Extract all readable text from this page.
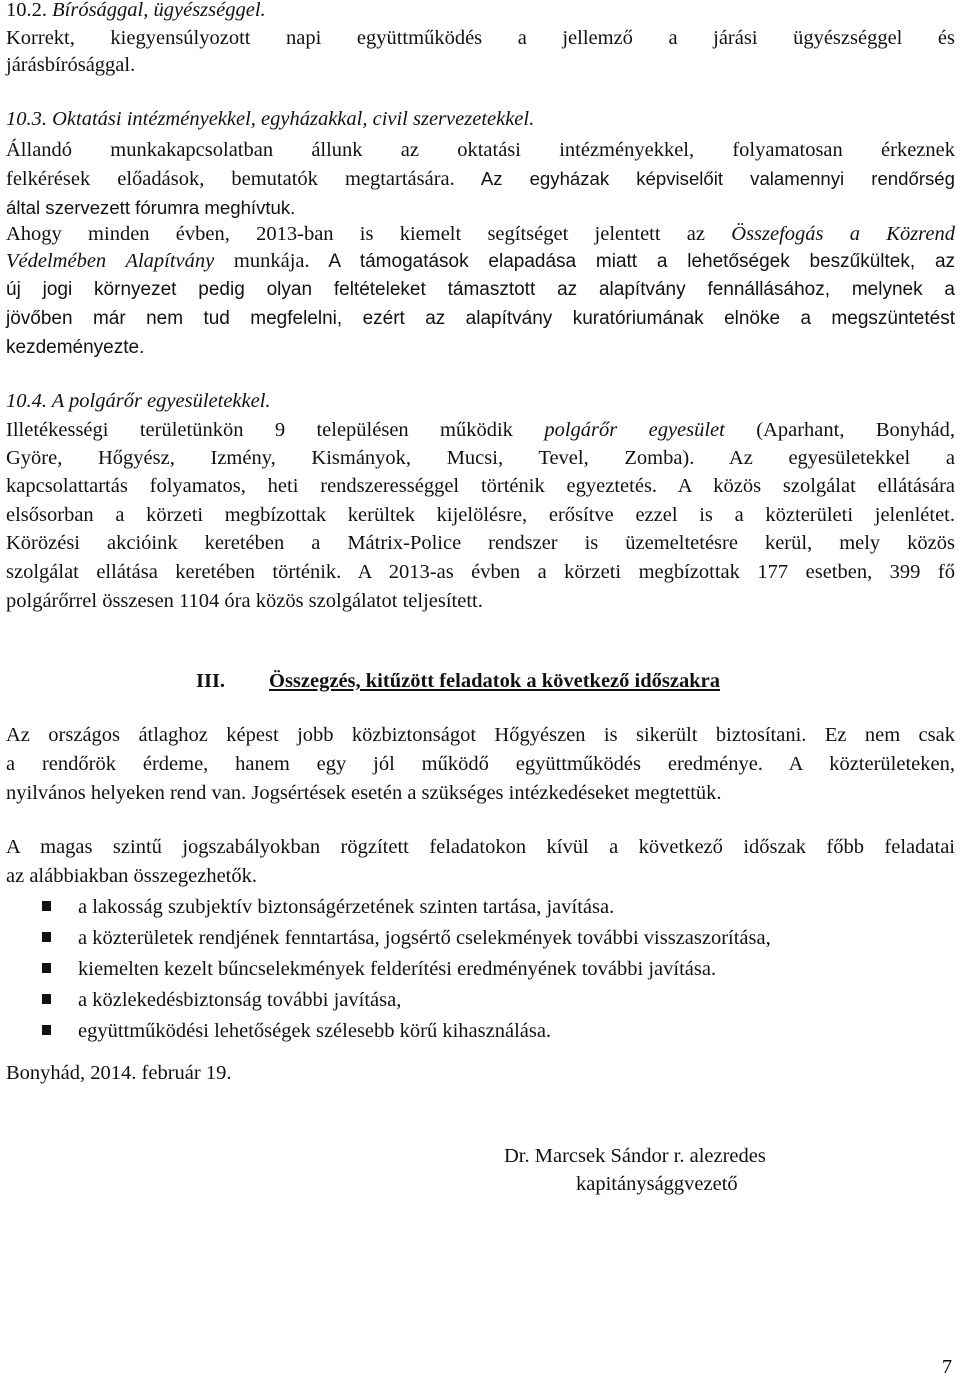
10.2. Bírósággal, ügyészséggel.
Korrekt, kiegyensúlyozott napi együttműködés a jellemző a járási ügyészséggel és
járásbírósággal.
10.3. Oktatási intézményekkel, egyházakkal, civil szervezetekkel.
Állandó munkakapcsolatban állunk az oktatási intézményekkel, folyamatosan érkeznek
felkérések előadások, bemutatók megtartására. Az egyházak képviselőit valamennyi rendőrség
által szervezett fórumra meghívtuk.
Ahogy minden évben, 2013-ban is kiemelt segítséget jelentett az Összefogás a Közrend
Védelmében Alapítvány munkája. A támogatások elapadása miatt a lehetőségek beszűkültek, az
új jogi környezet pedig olyan feltételeket támasztott az alapítvány fennállásához, melynek a
jövőben már nem tud megfelelni, ezért az alapítvány kuratóriumának elnöke a megszüntetést
kezdeményezte.
10.4. A polgárőr egyesületekkel.
Illetékességi területünkön 9 településen működik polgárőr egyesület (Aparhant, Bonyhád,
Györe, Hőgyész, Izmény, Kismányok, Mucsi, Tevel, Zomba). Az egyesületekkel a
kapcsolattartás folyamatos, heti rendszerességgel történik egyeztetés. A közös szolgálat ellátására
elsősorban a körzeti megbízottak kerültek kijelölésre, erősítve ezzel is a közterületi jelenlétet.
Körözési akcióink keretében a Mátrix-Police rendszer is üzemeltetésre kerül, mely közös
szolgálat ellátása keretében történik. A 2013-as évben a körzeti megbízottak 177 esetben, 399 fő
polgárőrrel összesen 1104 óra közös szolgálatot teljesített.
III. Összegzés, kitűzött feladatok a következő időszakra
Az országos átlaghoz képest jobb közbiztonságot Hőgyészen is sikerült biztosítani. Ez nem csak
a rendőrök érdeme, hanem egy jól működő együttműködés eredménye. A közterületeken,
nyilvános helyeken rend van. Jogsértések esetén a szükséges intézkedéseket megtettük.
A magas szintű jogszabályokban rögzített feladatokon kívül a következő időszak főbb feladatai
az alábbiakban összegezhetők.
a lakosság szubjektív biztonságérzetének szinten tartása, javítása.
a közterületek rendjének fenntartása, jogsértő cselekmények további visszaszorítása,
kiemelten kezelt bűncselekmények felderítési eredményének további javítása.
a közlekedésbiztonság további javítása,
együttműködési lehetőségek szélesebb körű kihasználása.
Bonyhád, 2014. február 19.
Dr. Marcsek Sándor r. alezredes
kapitánysággvezető
7
